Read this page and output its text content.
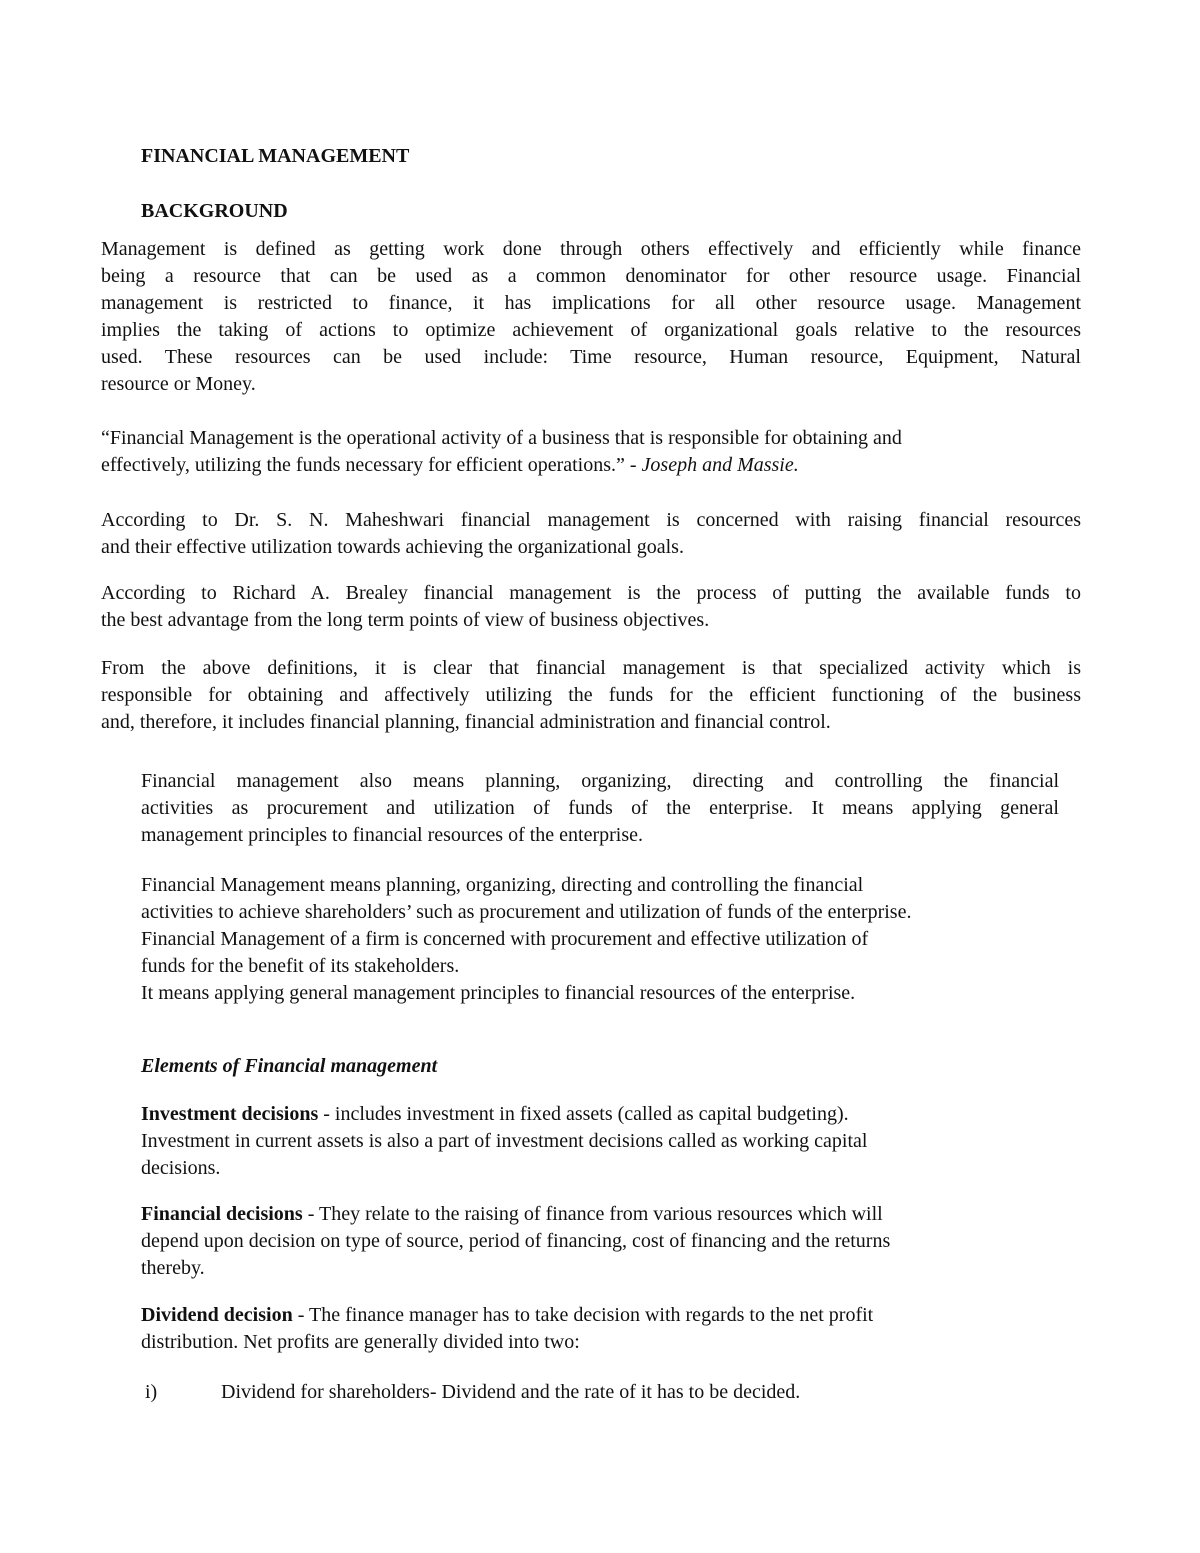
FINANCIAL MANAGEMENT

BACKGROUND

Management is defined as getting work done through others effectively and efficiently while finance

being a resource that can be used as a common denominator for other resource usage. Financial

management is restricted to finance, it has implications for all other resource usage. Management

implies the taking of actions to optimize achievement of organizational goals relative to the resources

used. These resources can be used include: Time resource, Human resource, Equipment, Natural

resource or Money.

“Financial Management is the operational activity of a business that is responsible for obtaining and

effectively, utilizing the funds necessary for efficient operations.” - Joseph and Massie.

According to Dr. S. N. Maheshwari financial management is concerned with raising financial resources

and their effective utilization towards achieving the organizational goals.

According to Richard A. Brealey financial management is the process of putting the available funds to

the best advantage from the long term points of view of business objectives.

From the above definitions, it is clear that financial management is that specialized activity which is

responsible for obtaining and affectively utilizing the funds for the efficient functioning of the business

and, therefore, it includes financial planning, financial administration and financial control.

Financial management also means planning, organizing, directing and controlling the financial

activities as procurement and utilization of funds of the enterprise. It means applying general

management principles to financial resources of the enterprise.

Financial Management means planning, organizing, directing and controlling the financial

activities to achieve shareholders’ such as procurement and utilization of funds of the enterprise.

Financial Management of a firm is concerned with procurement and effective utilization of

funds for the benefit of its stakeholders.

It means applying general management principles to financial resources of the enterprise.

Elements of Financial management

Investment decisions - includes investment in fixed assets (called as capital budgeting).

Investment in current assets is also a part of investment decisions called as working capital

decisions.

Financial decisions - They relate to the raising of finance from various resources which will

depend upon decision on type of source, period of financing, cost of financing and the returns

thereby.

Dividend decision - The finance manager has to take decision with regards to the net profit

distribution. Net profits are generally divided into two:

i)	Dividend for shareholders- Dividend and the rate of it has to be decided.
